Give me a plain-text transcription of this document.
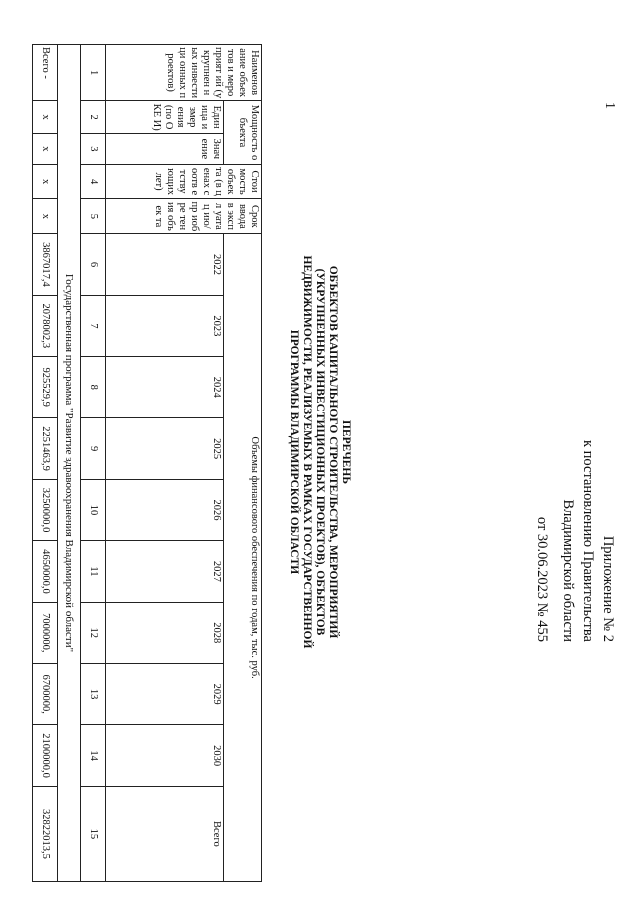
1
Приложение № 2
к постановлению Правительства
Владимирской области
от 30.06.2023 № 455
ПЕРЕЧЕНЬ
ОБЪЕКТОВ КАПИТАЛЬНОГО СТРОИТЕЛЬСТВА, МЕРОПРИЯТИЙ
(УКРУПНЕННЫХ ИНВЕСТИЦИОННЫХ ПРОЕКТОВ), ОБЪЕКТОВ
НЕДВИЖИМОСТИ, РЕАЛИЗУЕМЫХ В РАМКАХ ГОСУДАРСТВЕННОЙ
ПРОГРАММЫ ВЛАДИМИРСКОЙ ОБЛАСТИ
Наименов ание объектов и мероприят ий (укрупнен ных инвестици онных проектов)	Мощность объекта		Стои мость объек та (в ценах соотв етству ющих лет)	Срок ввода в экспл уатац ию/пр иобре тения объек та	Объемы финансового обеспечения по годам, тыс. руб.									
	Един ица измер ения (по ОКЕ И)	Знач ение			2022	2023	2024	2025	2026	2027	2028	2029	2030	Всего
1	2	3	4	5	6	7	8	9	10	11	12	13	14	15
Государственная программа "Развитие здравоохранения Владимирской области"														
Всего -	х	х	х	х	3867017,4	2078002,3	925529,9	2251463,9	3250000,0	4650000,0	7000000,	6700000,	2100000,0	32822013,5
